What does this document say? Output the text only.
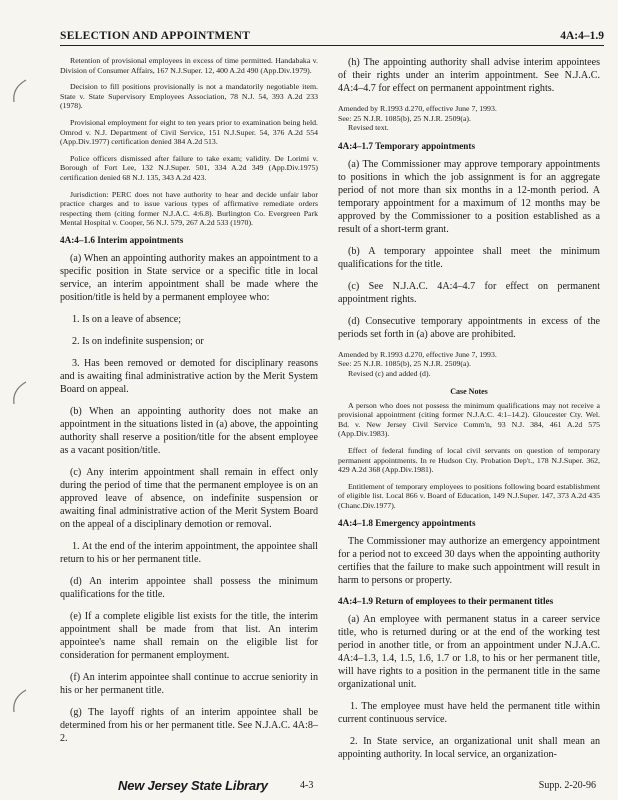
SELECTION AND APPOINTMENT	4A:4–1.9

Retention of provisional employees in excess of time permitted. Handabaka v. Division of Consumer Affairs, 167 N.J.Super. 12, 400 A.2d 490 (App.Div.1979).

Decision to fill positions provisionally is not a mandatorily negotiable item. State v. State Supervisory Employees Association, 78 N.J. 54, 393 A.2d 233 (1978).

Provisional employment for eight to ten years prior to examination being held. Omrod v. N.J. Department of Civil Service, 151 N.J.Super. 54, 376 A.2d 554 (App.Div.1977) certification denied 384 A.2d 513.

Police officers dismissed after failure to take exam; validity. De Lorimi v. Borough of Fort Lee, 132 N.J.Super. 501, 334 A.2d 349 (App.Div.1975) certification denied 68 N.J. 135, 343 A.2d 423.

Jurisdiction: PERC does not have authority to hear and decide unfair labor practice charges and to issue various types of affirmative remediate orders respecting them (citing former N.J.A.C. 4:6.8). Burlington Co. Evergreen Park Mental Hospital v. Cooper, 56 N.J. 579, 267 A.2d 533 (1970).

4A:4–1.6 Interim appointments

(a) When an appointing authority makes an appointment to a specific position in State service or a specific title in local service, an interim appointment shall be made where the position/title is held by a permanent employee who:

1. Is on a leave of absence;

2. Is on indefinite suspension; or

3. Has been removed or demoted for disciplinary reasons and is awaiting final administrative action by the Merit System Board on appeal.

(b) When an appointing authority does not make an appointment in the situations listed in (a) above, the appointing authority shall reserve a position/title for the absent employee as a vacant position/title.

(c) Any interim appointment shall remain in effect only during the period of time that the permanent employee is on an approved leave of absence, on indefinite suspension or awaiting final administrative action of the Merit System Board on the appeal of a disciplinary demotion or removal.

1. At the end of the interim appointment, the appointee shall return to his or her permanent title.

(d) An interim appointee shall possess the minimum qualifications for the title.

(e) If a complete eligible list exists for the title, the interim appointment shall be made from that list. An interim appointee's name shall remain on the eligible list for consideration for permanent employment.

(f) An interim appointee shall continue to accrue seniority in his or her permanent title.

(g) The layoff rights of an interim appointee shall be determined from his or her permanent title. See N.J.A.C. 4A:8–2.

(h) The appointing authority shall advise interim appointees of their rights under an interim appointment. See N.J.A.C. 4A:4–4.7 for effect on permanent appointment rights.

Amended by R.1993 d.270, effective June 7, 1993.
See: 25 N.J.R. 1085(b), 25 N.J.R. 2509(a).
Revised text.
4A:4–1.7 Temporary appointments

(a) The Commissioner may approve temporary appointments to positions in which the job assignment is for an aggregate period of not more than six months in a 12-month period. A temporary appointment for a maximum of 12 months may be approved by the Commissioner to a position established as a result of a short-term grant.

(b) A temporary appointee shall meet the minimum qualifications for the title.

(c) See N.J.A.C. 4A:4–4.7 for effect on permanent appointment rights.

(d) Consecutive temporary appointments in excess of the periods set forth in (a) above are prohibited.

Amended by R.1993 d.270, effective June 7, 1993.
See: 25 N.J.R. 1085(b), 25 N.J.R. 2509(a).
Revised (c) and added (d).
Case Notes

A person who does not possess the minimum qualifications may not receive a provisional appointment (citing former N.J.A.C. 4:1–14.2). Gloucester Cty. Wel. Bd. v. New Jersey Civil Service Comm'n, 93 N.J. 384, 461 A.2d 575 (App.Div.1983).

Effect of federal funding of local civil servants on question of temporary permanent appointments. In re Hudson Cty. Probation Dep't., 178 N.J.Super. 362, 429 A.2d 368 (App.Div.1981).

Entitlement of temporary employees to positions following board establishment of eligible list. Local 866 v. Board of Education, 149 N.J.Super. 147, 373 A.2d 435 (Chanc.Div.1977).

4A:4–1.8 Emergency appointments

The Commissioner may authorize an emergency appointment for a period not to exceed 30 days when the appointing authority certifies that the failure to make such appointment will result in harm to persons or property.

4A:4–1.9 Return of employees to their permanent titles

(a) An employee with permanent status in a career service title, who is returned during or at the end of the working test period in another title, or from an appointment under N.J.A.C. 4A:4–1.3, 1.4, 1.5, 1.6, 1.7 or 1.8, to his or her permanent title, will have rights to a position in the permanent title in the same organizational unit.

1. The employee must have held the permanent title within current continuous service.

2. In State service, an organizational unit shall mean an appointing authority. In local service, an organization-

New Jersey State Library	4-3	Supp. 2-20-96
